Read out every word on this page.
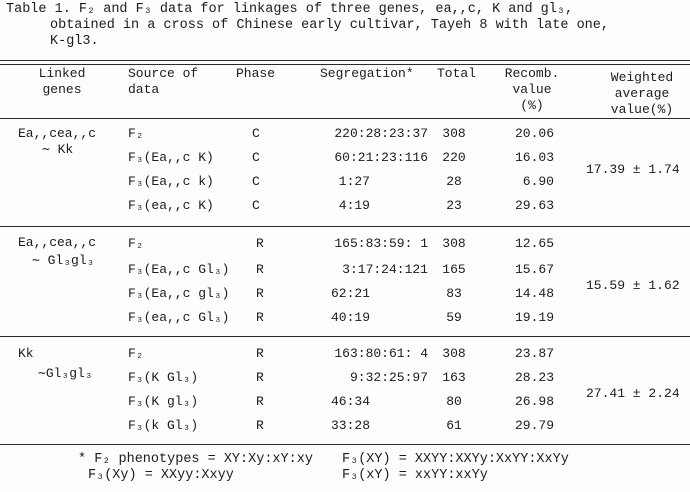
Table 1. F₂ and F₃ data for linkages of three genes, ea,,c, K and gl₃,
obtained in a cross of Chinese early cultivar, Tayeh 8 with late one,
K-gl3.
Linked
genes
Source of
data
Phase	Segregation* Total	Recomb.
value
(%)
Weighted
average
value(%)
Ea,,cea,,c
∼ Kk
17.39 ± 1.74
F₂	C	220:28:23:37	308	20.06
F₃(Ea,,c K)	C	60:21:23:116	220	16.03
F₃(Ea,,c k)	C	1:27	28	6.90
F₃(ea,,c K)	C	4:19	23	29.63
Ea,,cea,,c
∼ Gl₃gl₃
15.59 ± 1.62
F₂	R	165:83:59: 1	308	12.65
F₃(Ea,,c Gl₃) R	3:17:24:121	165	15.67
F₃(Ea,,c gl₃) R	62:21	83	14.48
F₃(ea,,c Gl₃) R	40:19	59	19.19
Kk
∼Gl₃gl₃
27.41 ± 2.24
F₂	R	163:80:61: 4	308	23.87
F₃(K Gl₃)	R	9:32:25:97	163	28.23
F₃(K gl₃)	R	46:34	80	26.98
F₃(k Gl₃)	R	33:28	61	29.79
* F₂ phenotypes = XY:Xy:xY:xy F₃(XY) = XXYY:XXYy:XxYY:XxYy
F₃(Xy) = XXyy:Xxyy	F₃(xY) = xxYY:xxYy
